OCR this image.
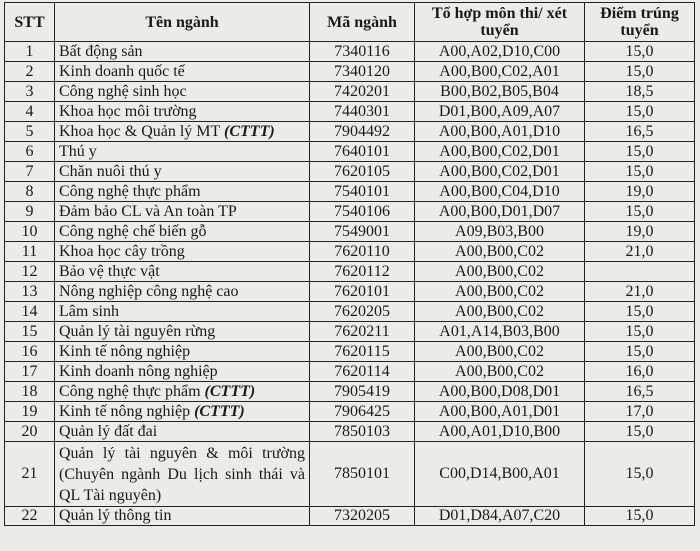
STT	Tên ngành	Mã ngành	Tổ hợp môn thi/ xét tuyển	Điểm trúng tuyển
1	Bất động sản	7340116	A00,A02,D10,C00	15,0
2	Kinh doanh quốc tế	7340120	A00,B00,C02,A01	15,0
3	Công nghệ sinh học	7420201	B00,B02,B05,B04	18,5
4	Khoa học môi trường	7440301	D01,B00,A09,A07	15,0
5	Khoa học & Quản lý MT (CTTT)	7904492	A00,B00,A01,D10	16,5
6	Thú y	7640101	A00,B00,C02,D01	15,0
7	Chăn nuôi thú y	7620105	A00,B00,C02,D01	15,0
8	Công nghệ thực phẩm	7540101	A00,B00,C04,D10	19,0
9	Đảm bảo CL và An toàn TP	7540106	A00,B00,D01,D07	15,0
10	Công nghệ chế biến gỗ	7549001	A09,B03,B00	19,0
11	Khoa học cây trồng	7620110	A00,B00,C02	21,0
12	Bảo vệ thực vật	7620112	A00,B00,C02	
13	Nông nghiệp công nghệ cao	7620101	A00,B00,C02	21,0
14	Lâm sinh	7620205	A00,B00,C02	15,0
15	Quản lý tài nguyên rừng	7620211	A01,A14,B03,B00	15,0
16	Kinh tế nông nghiệp	7620115	A00,B00,C02	15,0
17	Kinh doanh nông nghiệp	7620114	A00,B00,C02	16,0
18	Công nghệ thực phẩm (CTTT)	7905419	A00,B00,D08,D01	16,5
19	Kinh tế nông nghiệp (CTTT)	7906425	A00,B00,A01,D01	17,0
20	Quản lý đất đai	7850103	A00,A01,D10,B00	15,0
21	Quản lý tài nguyên & môi trường (Chuyên ngành Du lịch sinh thái và QL Tài nguyên)	7850101	C00,D14,B00,A01	15,0
22	Quản lý thông tin	7320205	D01,D84,A07,C20	15,0
